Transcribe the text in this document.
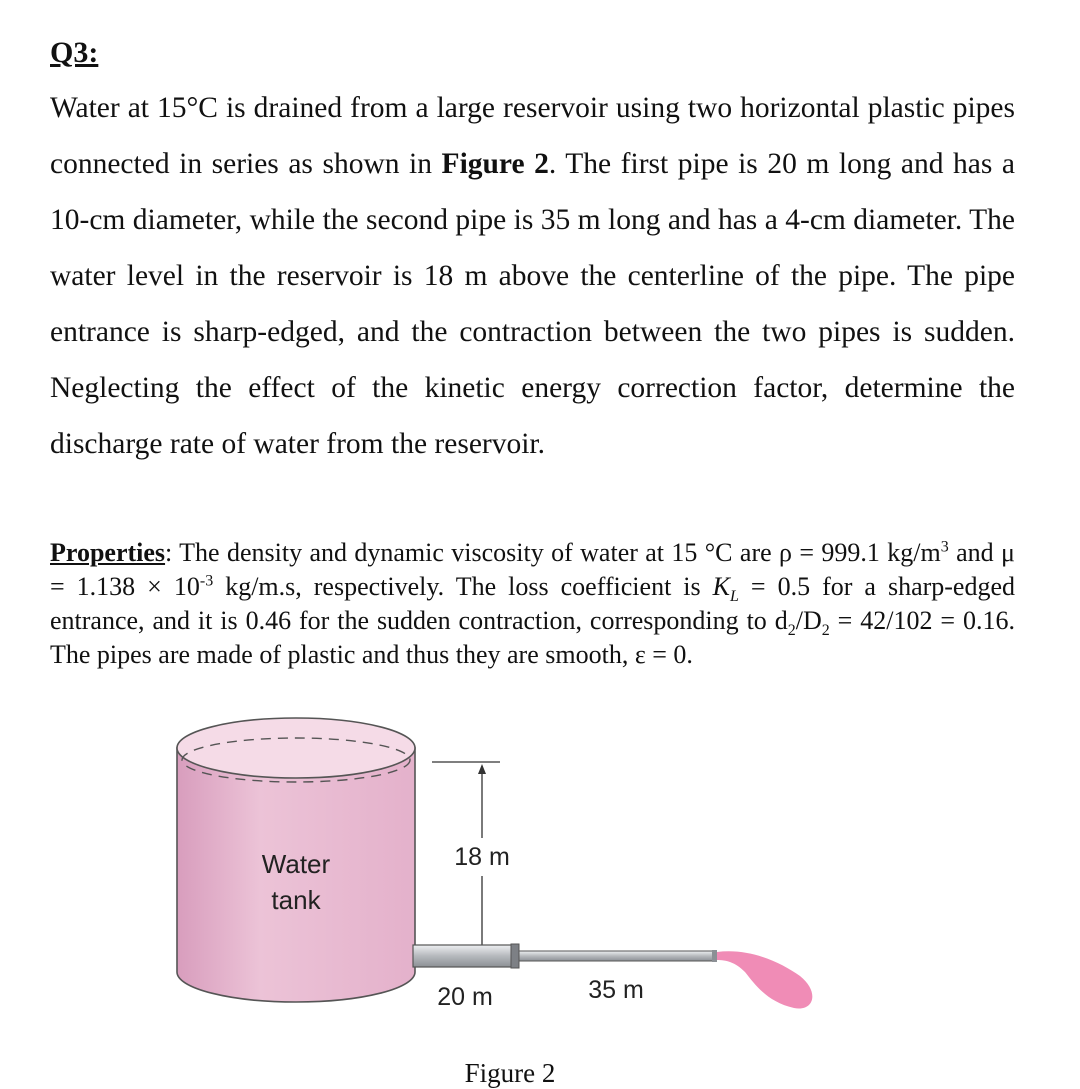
Q3:

Water at 15°C is drained from a large reservoir using two horizontal plastic pipes connected in series as shown in Figure 2. The first pipe is 20 m long and has a 10-cm diameter, while the second pipe is 35 m long and has a 4-cm diameter. The water level in the reservoir is 18 m above the centerline of the pipe. The pipe entrance is sharp-edged, and the contraction between the two pipes is sudden. Neglecting the effect of the kinetic energy correction factor, determine the discharge rate of water from the reservoir.

Properties: The density and dynamic viscosity of water at 15 °C are ρ = 999.1 $kg/m^3$ and $\mu = 1.138 \times 10^{-3}$ kg/m.s, respectively. The loss coefficient is $K_L = 0.5$ for a sharp-edged entrance, and it is 0.46 for the sudden contraction, corresponding to $d_2/D_2 = 42/102 = 0.16$. The pipes are made of plastic and thus they are smooth, ε = 0.

Water
tank
18 m
20 m	35 m

Figure 2
